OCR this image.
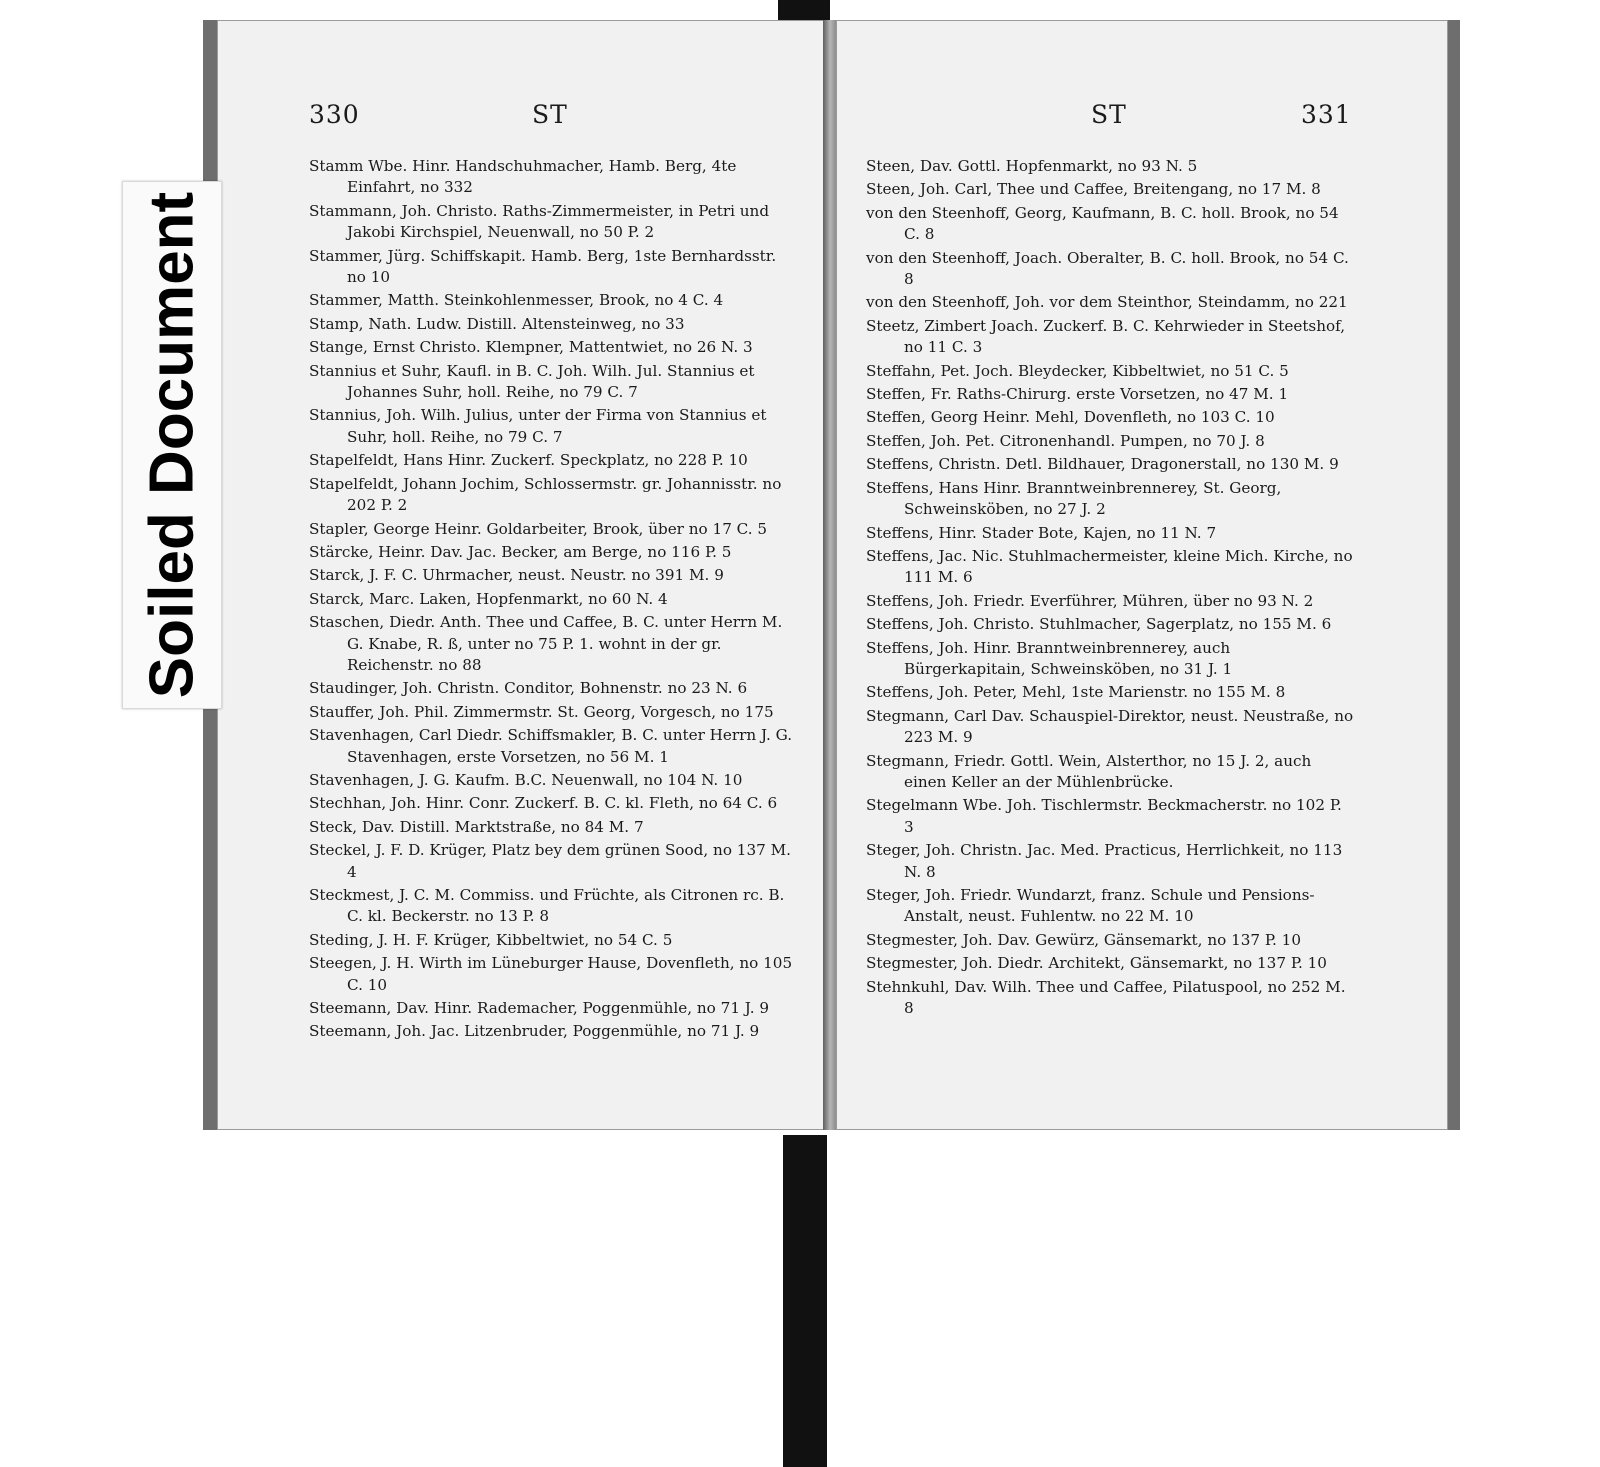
330	ST
Stamm Wbe. Hinr. Handschuhmacher, Hamb. Berg, 4te Einfahrt, no 332
Stammann, Joh. Christo. Raths-Zimmermeister, in Petri und Jakobi Kirchspiel, Neuenwall, no 50 P. 2
Stammer, Jürg. Schiffskapit. Hamb. Berg, 1ste Bernhardsstr. no 10
Stammer, Matth. Steinkohlenmesser, Brook, no 4 C. 4
Stamp, Nath. Ludw. Distill. Altensteinweg, no 33
Stange, Ernst Christo. Klempner, Mattentwiet, no 26 N. 3
Stannius et Suhr, Kaufl. in B. C. Joh. Wilh. Jul. Stannius et Johannes Suhr, holl. Reihe, no 79 C. 7
Stannius, Joh. Wilh. Julius, unter der Firma von Stannius et Suhr, holl. Reihe, no 79 C. 7
Stapelfeldt, Hans Hinr. Zuckerf. Speckplatz, no 228 P. 10
Stapelfeldt, Johann Jochim, Schlossermstr. gr. Johannisstr. no 202 P. 2
Stapler, George Heinr. Goldarbeiter, Brook, über no 17 C. 5
Stärcke, Heinr. Dav. Jac. Becker, am Berge, no 116 P. 5
Starck, J. F. C. Uhrmacher, neust. Neustr. no 391 M. 9
Starck, Marc. Laken, Hopfenmarkt, no 60 N. 4
Staschen, Diedr. Anth. Thee und Caffee, B. C. unter Herrn M. G. Knabe, R. ß, unter no 75 P. 1. wohnt in der gr. Reichenstr. no 88
Staudinger, Joh. Christn. Conditor, Bohnenstr. no 23 N. 6
Stauffer, Joh. Phil. Zimmermstr. St. Georg, Vorgesch, no 175
Stavenhagen, Carl Diedr. Schiffsmakler, B. C. unter Herrn J. G. Stavenhagen, erste Vorsetzen, no 56 M. 1
Stavenhagen, J. G. Kaufm. B.C. Neuenwall, no 104 N. 10
Stechhan, Joh. Hinr. Conr. Zuckerf. B. C. kl. Fleth, no 64 C. 6
Steck, Dav. Distill. Marktstraße, no 84 M. 7
Steckel, J. F. D. Krüger, Platz bey dem grünen Sood, no 137 M. 4
Steckmest, J. C. M. Commiss. und Früchte, als Citronen rc. B. C. kl. Beckerstr. no 13 P. 8
Steding, J. H. F. Krüger, Kibbeltwiet, no 54 C. 5
Steegen, J. H. Wirth im Lüneburger Hause, Dovenfleth, no 105 C. 10
Steemann, Dav. Hinr. Rademacher, Poggenmühle, no 71 J. 9
Steemann, Joh. Jac. Litzenbruder, Poggenmühle, no 71 J. 9
ST	331
Steen, Dav. Gottl. Hopfenmarkt, no 93 N. 5
Steen, Joh. Carl, Thee und Caffee, Breitengang, no 17 M. 8
von den Steenhoff, Georg, Kaufmann, B. C. holl. Brook, no 54 C. 8
von den Steenhoff, Joach. Oberalter, B. C. holl. Brook, no 54 C. 8
von den Steenhoff, Joh. vor dem Steinthor, Steindamm, no 221
Steetz, Zimbert Joach. Zuckerf. B. C. Kehrwieder in Steetshof, no 11 C. 3
Steffahn, Pet. Joch. Bleydecker, Kibbeltwiet, no 51 C. 5
Steffen, Fr. Raths-Chirurg. erste Vorsetzen, no 47 M. 1
Steffen, Georg Heinr. Mehl, Dovenfleth, no 103 C. 10
Steffen, Joh. Pet. Citronenhandl. Pumpen, no 70 J. 8
Steffens, Christn. Detl. Bildhauer, Dragonerstall, no 130 M. 9
Steffens, Hans Hinr. Branntweinbrennerey, St. Georg, Schweinsköben, no 27 J. 2
Steffens, Hinr. Stader Bote, Kajen, no 11 N. 7
Steffens, Jac. Nic. Stuhlmachermeister, kleine Mich. Kirche, no 111 M. 6
Steffens, Joh. Friedr. Everführer, Mühren, über no 93 N. 2
Steffens, Joh. Christo. Stuhlmacher, Sagerplatz, no 155 M. 6
Steffens, Joh. Hinr. Branntweinbrennerey, auch Bürgerkapitain, Schweinsköben, no 31 J. 1
Steffens, Joh. Peter, Mehl, 1ste Marienstr. no 155 M. 8
Stegmann, Carl Dav. Schauspiel-Direktor, neust. Neustraße, no 223 M. 9
Stegmann, Friedr. Gottl. Wein, Alsterthor, no 15 J. 2, auch einen Keller an der Mühlenbrücke.
Stegelmann Wbe. Joh. Tischlermstr. Beckmacherstr. no 102 P. 3
Steger, Joh. Christn. Jac. Med. Practicus, Herrlichkeit, no 113 N. 8
Steger, Joh. Friedr. Wundarzt, franz. Schule und Pensions-Anstalt, neust. Fuhlentw. no 22 M. 10
Stegmester, Joh. Dav. Gewürz, Gänsemarkt, no 137 P. 10
Stegmester, Joh. Diedr. Architekt, Gänsemarkt, no 137 P. 10
Stehnkuhl, Dav. Wilh. Thee und Caffee, Pilatuspool, no 252 M. 8
Soiled Document
